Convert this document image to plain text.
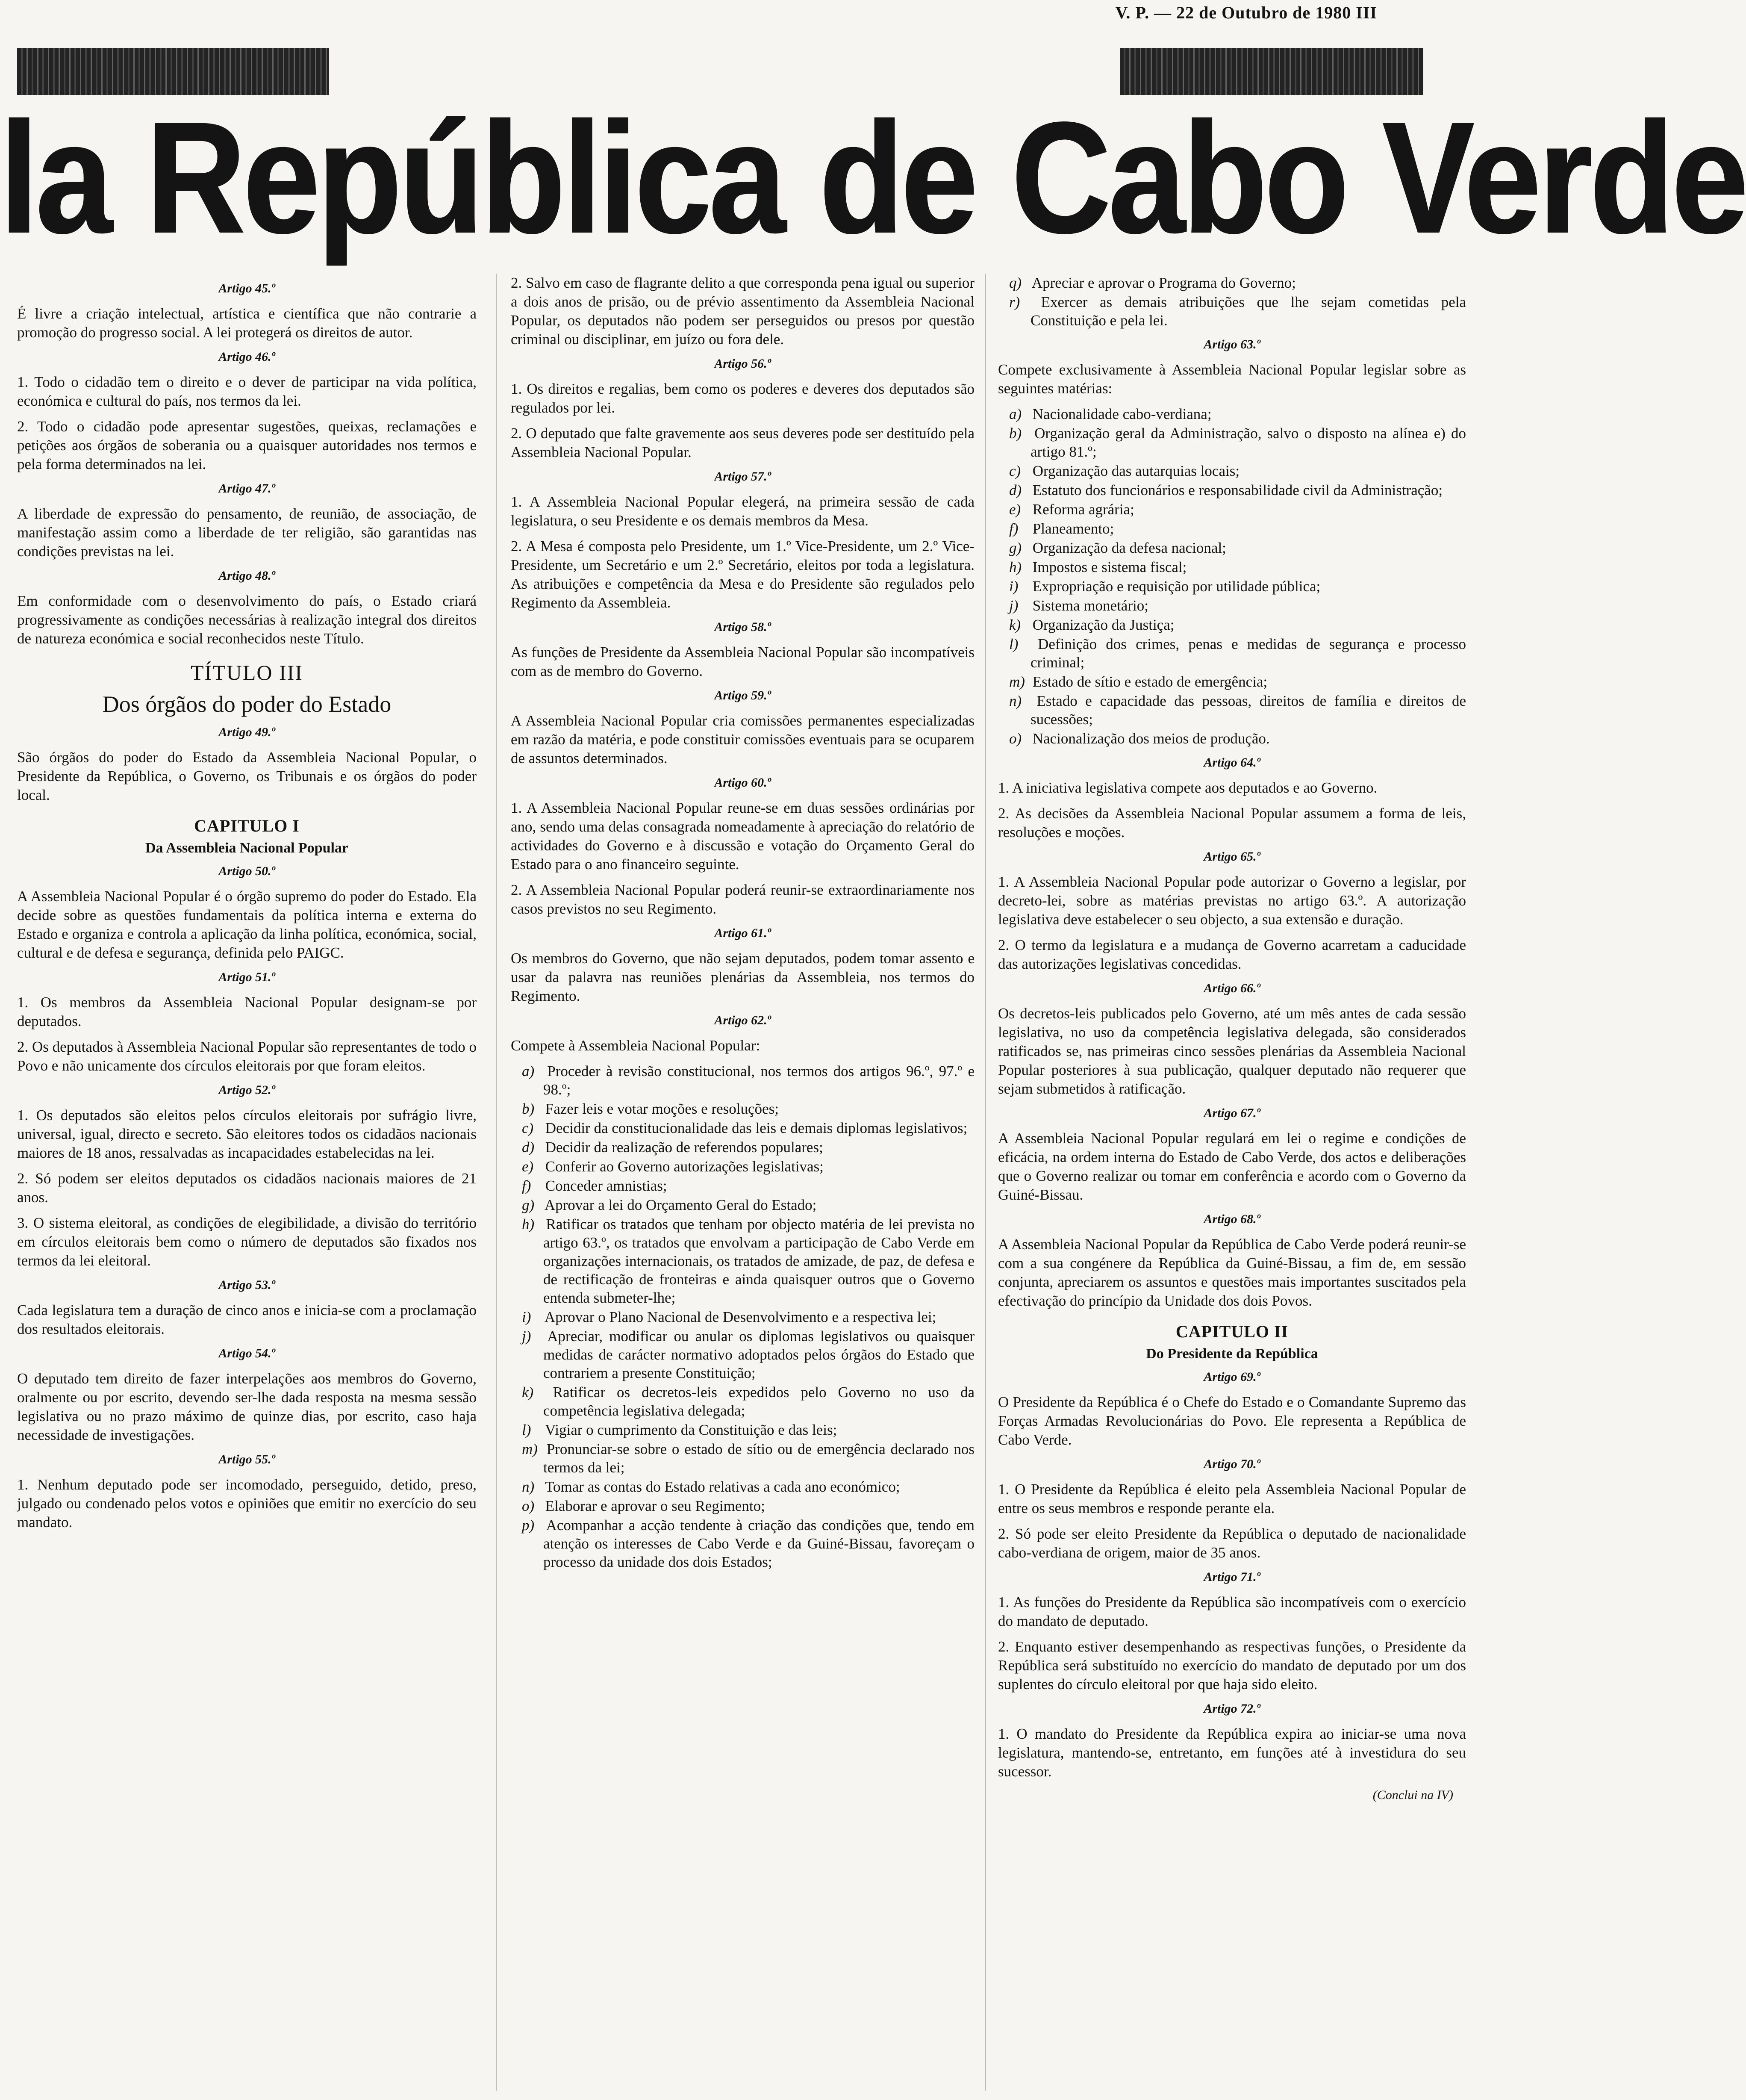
V. P. — 22 de Outubro de 1980 III
la República de Cabo Verde
Artigo 45.º

É livre a criação intelectual, artística e científica que não contrarie a promoção do progresso social. A lei protegerá os direitos de autor.

Artigo 46.º

1. Todo o cidadão tem o direito e o dever de participar na vida política, económica e cultural do país, nos termos da lei.

2. Todo o cidadão pode apresentar sugestões, queixas, reclamações e petições aos órgãos de soberania ou a quaisquer autoridades nos termos e pela forma determinados na lei.

Artigo 47.º

A liberdade de expressão do pensamento, de reunião, de associação, de manifestação assim como a liberdade de ter religião, são garantidas nas condições previstas na lei.

Artigo 48.º

Em conformidade com o desenvolvimento do país, o Estado criará progressivamente as condições necessárias à realização integral dos direitos de natureza económica e social reconhecidos neste Título.

TÍTULO III
Dos órgãos do poder do Estado
Artigo 49.º

São órgãos do poder do Estado da Assembleia Nacional Popular, o Presidente da República, o Governo, os Tribunais e os órgãos do poder local.

CAPITULO I
Da Assembleia Nacional Popular
Artigo 50.º

A Assembleia Nacional Popular é o órgão supremo do poder do Estado. Ela decide sobre as questões fundamentais da política interna e externa do Estado e organiza e controla a aplicação da linha política, económica, social, cultural e de defesa e segurança, definida pelo PAIGC.

Artigo 51.º

1. Os membros da Assembleia Nacional Popular designam-se por deputados.

2. Os deputados à Assembleia Nacional Popular são representantes de todo o Povo e não unicamente dos círculos eleitorais por que foram eleitos.

Artigo 52.º

1. Os deputados são eleitos pelos círculos eleitorais por sufrágio livre, universal, igual, directo e secreto. São eleitores todos os cidadãos nacionais maiores de 18 anos, ressalvadas as incapacidades estabelecidas na lei.

2. Só podem ser eleitos deputados os cidadãos nacionais maiores de 21 anos.

3. O sistema eleitoral, as condições de elegibilidade, a divisão do território em círculos eleitorais bem como o número de deputados são fixados nos termos da lei eleitoral.

Artigo 53.º

Cada legislatura tem a duração de cinco anos e inicia-se com a proclamação dos resultados eleitorais.

Artigo 54.º

O deputado tem direito de fazer interpelações aos membros do Governo, oralmente ou por escrito, devendo ser-lhe dada resposta na mesma sessão legislativa ou no prazo máximo de quinze dias, por escrito, caso haja necessidade de investigações.

Artigo 55.º

1. Nenhum deputado pode ser incomodado, perseguido, detido, preso, julgado ou condenado pelos votos e opiniões que emitir no exercício do seu mandato.

2. Salvo em caso de flagrante delito a que corresponda pena igual ou superior a dois anos de prisão, ou de prévio assentimento da Assembleia Nacional Popular, os deputados não podem ser perseguidos ou presos por questão criminal ou disciplinar, em juízo ou fora dele.

Artigo 56.º

1. Os direitos e regalias, bem como os poderes e deveres dos deputados são regulados por lei.

2. O deputado que falte gravemente aos seus deveres pode ser destituído pela Assembleia Nacional Popular.

Artigo 57.º

1. A Assembleia Nacional Popular elegerá, na primeira sessão de cada legislatura, o seu Presidente e os demais membros da Mesa.

2. A Mesa é composta pelo Presidente, um 1.º Vice-Presidente, um 2.º Vice-Presidente, um Secretário e um 2.º Secretário, eleitos por toda a legislatura. As atribuições e competência da Mesa e do Presidente são regulados pelo Regimento da Assembleia.

Artigo 58.º

As funções de Presidente da Assembleia Nacional Popular são incompatíveis com as de membro do Governo.

Artigo 59.º

A Assembleia Nacional Popular cria comissões permanentes especializadas em razão da matéria, e pode constituir comissões eventuais para se ocuparem de assuntos determinados.

Artigo 60.º

1. A Assembleia Nacional Popular reune-se em duas sessões ordinárias por ano, sendo uma delas consagrada nomeadamente à apreciação do relatório de actividades do Governo e à discussão e votação do Orçamento Geral do Estado para o ano financeiro seguinte.

2. A Assembleia Nacional Popular poderá reunir-se extraordinariamente nos casos previstos no seu Regimento.

Artigo 61.º

Os membros do Governo, que não sejam deputados, podem tomar assento e usar da palavra nas reuniões plenárias da Assembleia, nos termos do Regimento.

Artigo 62.º

Compete à Assembleia Nacional Popular:

a) Proceder à revisão constitucional, nos termos dos artigos 96.º, 97.º e 98.º;
b) Fazer leis e votar moções e resoluções;
c) Decidir da constitucionalidade das leis e demais diplomas legislativos;
d) Decidir da realização de referendos populares;
e) Conferir ao Governo autorizações legislativas;
f) Conceder amnistias;
g) Aprovar a lei do Orçamento Geral do Estado;
h) Ratificar os tratados que tenham por objecto matéria de lei prevista no artigo 63.º, os tratados que envolvam a participação de Cabo Verde em organizações internacionais, os tratados de amizade, de paz, de defesa e de rectificação de fronteiras e ainda quaisquer outros que o Governo entenda submeter-lhe;
i) Aprovar o Plano Nacional de Desenvolvimento e a respectiva lei;
j) Apreciar, modificar ou anular os diplomas legislativos ou quaisquer medidas de carácter normativo adoptados pelos órgãos do Estado que contrariem a presente Constituição;
k) Ratificar os decretos-leis expedidos pelo Governo no uso da competência legislativa delegada;
l) Vigiar o cumprimento da Constituição e das leis;
m) Pronunciar-se sobre o estado de sítio ou de emergência declarado nos termos da lei;
n) Tomar as contas do Estado relativas a cada ano económico;
o) Elaborar e aprovar o seu Regimento;
p) Acompanhar a acção tendente à criação das condições que, tendo em atenção os interesses de Cabo Verde e da Guiné-Bissau, favoreçam o processo da unidade dos dois Estados;
q) Apreciar e aprovar o Programa do Governo;
r) Exercer as demais atribuições que lhe sejam cometidas pela Constituição e pela lei.
Artigo 63.º

Compete exclusivamente à Assembleia Nacional Popular legislar sobre as seguintes matérias:

a) Nacionalidade cabo-verdiana;
b) Organização geral da Administração, salvo o disposto na alínea e) do artigo 81.º;
c) Organização das autarquias locais;
d) Estatuto dos funcionários e responsabilidade civil da Administração;
e) Reforma agrária;
f) Planeamento;
g) Organização da defesa nacional;
h) Impostos e sistema fiscal;
i) Expropriação e requisição por utilidade pública;
j) Sistema monetário;
k) Organização da Justiça;
l) Definição dos crimes, penas e medidas de segurança e processo criminal;
m) Estado de sítio e estado de emergência;
n) Estado e capacidade das pessoas, direitos de família e direitos de sucessões;
o) Nacionalização dos meios de produção.
Artigo 64.º

1. A iniciativa legislativa compete aos deputados e ao Governo.

2. As decisões da Assembleia Nacional Popular assumem a forma de leis, resoluções e moções.

Artigo 65.º

1. A Assembleia Nacional Popular pode autorizar o Governo a legislar, por decreto-lei, sobre as matérias previstas no artigo 63.º. A autorização legislativa deve estabelecer o seu objecto, a sua extensão e duração.

2. O termo da legislatura e a mudança de Governo acarretam a caducidade das autorizações legislativas concedidas.

Artigo 66.º

Os decretos-leis publicados pelo Governo, até um mês antes de cada sessão legislativa, no uso da competência legislativa delegada, são considerados ratificados se, nas primeiras cinco sessões plenárias da Assembleia Nacional Popular posteriores à sua publicação, qualquer deputado não requerer que sejam submetidos à ratificação.

Artigo 67.º

A Assembleia Nacional Popular regulará em lei o regime e condições de eficácia, na ordem interna do Estado de Cabo Verde, dos actos e deliberações que o Governo realizar ou tomar em conferência e acordo com o Governo da Guiné-Bissau.

Artigo 68.º

A Assembleia Nacional Popular da República de Cabo Verde poderá reunir-se com a sua congénere da República da Guiné-Bissau, a fim de, em sessão conjunta, apreciarem os assuntos e questões mais importantes suscitados pela efectivação do princípio da Unidade dos dois Povos.

CAPITULO II
Do Presidente da República
Artigo 69.º

O Presidente da República é o Chefe do Estado e o Comandante Supremo das Forças Armadas Revolucionárias do Povo. Ele representa a República de Cabo Verde.

Artigo 70.º

1. O Presidente da República é eleito pela Assembleia Nacional Popular de entre os seus membros e responde perante ela.

2. Só pode ser eleito Presidente da República o deputado de nacionalidade cabo-verdiana de origem, maior de 35 anos.

Artigo 71.º

1. As funções do Presidente da República são incompatíveis com o exercício do mandato de deputado.

2. Enquanto estiver desempenhando as respectivas funções, o Presidente da República será substituído no exercício do mandato de deputado por um dos suplentes do círculo eleitoral por que haja sido eleito.

Artigo 72.º

1. O mandato do Presidente da República expira ao iniciar-se uma nova legislatura, mantendo-se, entretanto, em funções até à investidura do seu sucessor.

(Conclui na IV)
